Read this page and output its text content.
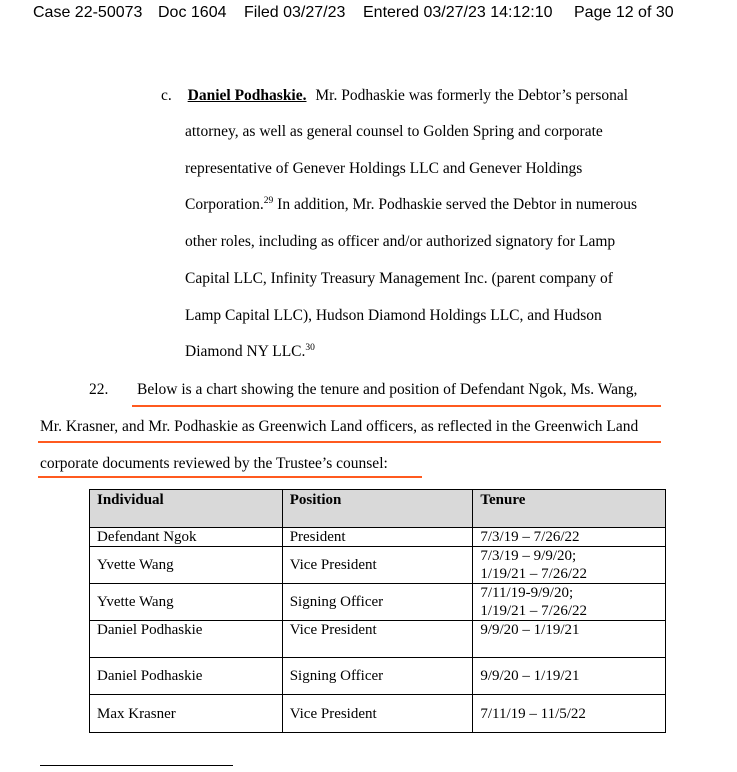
Case 22-50073 Doc 1604 Filed 03/27/23 Entered 03/27/23 14:12:10 Page 12 of 30
c. Daniel Podhaskie. Mr. Podhaskie was formerly the Debtor’s personal
attorney, as well as general counsel to Golden Spring and corporate
representative of Genever Holdings LLC and Genever Holdings
Corporation.$^{29}$ In addition, Mr. Podhaskie served the Debtor in numerous
other roles, including as officer and/or authorized signatory for Lamp
Capital LLC, Infinity Treasury Management Inc. (parent company of
Lamp Capital LLC), Hudson Diamond Holdings LLC, and Hudson
Diamond NY LLC.$^{30}$
22. Below is a chart showing the tenure and position of Defendant Ngok, Ms. Wang,
Mr. Krasner, and Mr. Podhaskie as Greenwich Land officers, as reflected in the Greenwich Land
corporate documents reviewed by the Trustee’s counsel:
Individual	Position	Tenure
Defendant Ngok	President	7/3/19 – 7/26/22

Yvette Wang	Vice President	7/3/19 – 9/9/20;
1/19/21 – 7/26/22

Yvette Wang	Signing Officer	7/11/19-9/9/20;
1/19/21 – 7/26/22

Daniel Podhaskie	Vice President	9/9/20 – 1/19/21

Daniel Podhaskie	Signing Officer	9/9/20 – 1/19/21

Max Krasner	Vice President	7/11/19 – 11/5/22
